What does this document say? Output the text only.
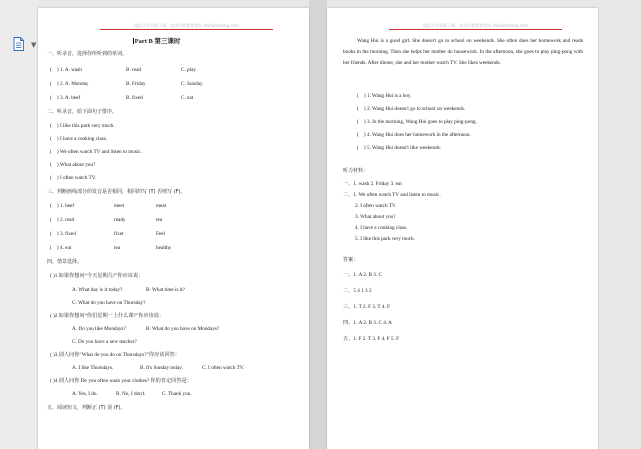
▼
精品小学资源下载，请访问智慧课堂网 zhihuiketang.com
Part B 第三课时
一、听录音，选择你所听到的单词。
(    ) 1. A. wash	B. read	C. play
(    ) 2. A. Monday	B. Friday	C. Sunday
(    ) 3. A. beef	B. fixed	C. eat
二、听录音，给下面句子排序。
(    ) I like this park very much.
(    ) I have a cooking class.
(    ) We often watch TV and listen to music.
(    ) What about you?
(    ) I often watch TV.
三、判断画线部分的发音是否相同，相同的写 (T) 否则写 (F)。
(    ) 1. beef	meet	meat
(    ) 2. read	ready	tea
(    ) 3. fixed	fixet	Feel
(    ) 4. eat	tea	healthy
四、情景选择。
( )1.如果你想问“今天星期几?”你应该说：
A. What day is it today?	B. What time is it?
C. What do you have on Thursday?
( )2.如果你想问“你们星期一上什么课?”你应该说：
A. Do you like Mondays?	B. What do you have on Mondays?
C. Do you have a new teacher?
( )3.别人问你“What do you do on Thursdays?”你应该回答：
A. I like Thursdays.	B. It's Sunday today.	C. I often watch TV.
( )4.别人问你 Do you often wash your clothes? 你的肯定回答是：
A. Yes, I do.	B. No, I don't.	C. Thank you.
五、阅读短文，判断正 (T) 误 (F)。
精品小学资源下载，请访问智慧课堂网 zhihuiketang.com
Wang Hui is a good girl. She doesn't go to school on weekends. She often does her homework and reads books in the morning. Then she helps her mother do housework. In the afternoon, she goes to play ping-pong with her friends. After dinner, she and her mother watch TV. She likes weekends.
(    ) 1. Wang Hui is a boy.
(    ) 2. Wang Hui doesn't go to school on weekends.
(    ) 3. In the morning, Wang Hui goes to play ping-pong.
(    ) 4. Wang Hui does her homework in the afternoon.
(    ) 5. Wang Hui doesn't like weekends.
听力材料：
一、1. wash 2. Friday 3. eat
二、1. We often watch TV and listen to music.
2. I often watch TV.
3. What about you?
4. I have a cooking class.
5. I like this park very much.
答案：
一、1. A 2. B 3. C
二、5 4 1 3 2
三、1. T 2. F 3. T 4. F
四、1. A 2. B 3. C 4. A
五、1. F 2. T 3. F 4. F 5. F
